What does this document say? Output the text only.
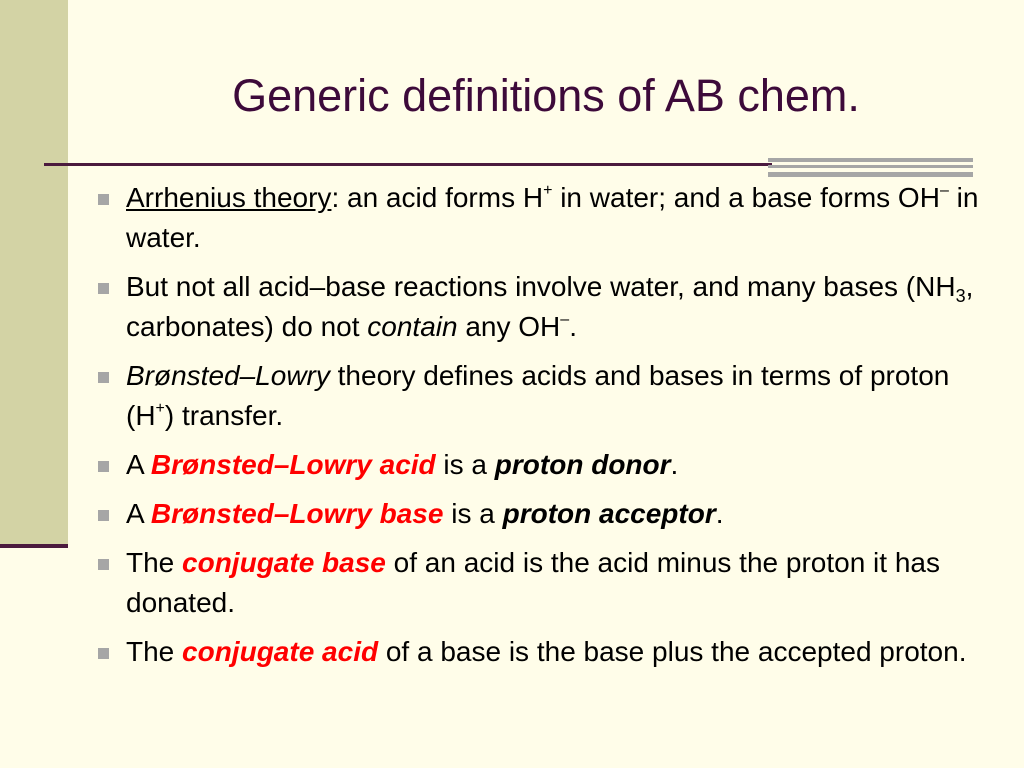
Generic definitions of AB chem.
Arrhenius theory: an acid forms H+ in water; and a base forms OH– in water.
But not all acid–base reactions involve water, and many bases ($NH_3$, carbonates) do not contain any OH–.
Brønsted–Lowry theory defines acids and bases in terms of proton (H+) transfer.
A Brønsted–Lowry acid is a proton donor.
A Brønsted–Lowry base is a proton acceptor.
The conjugate base of an acid is the acid minus the proton it has donated.
The conjugate acid of a base is the base plus the accepted proton.
